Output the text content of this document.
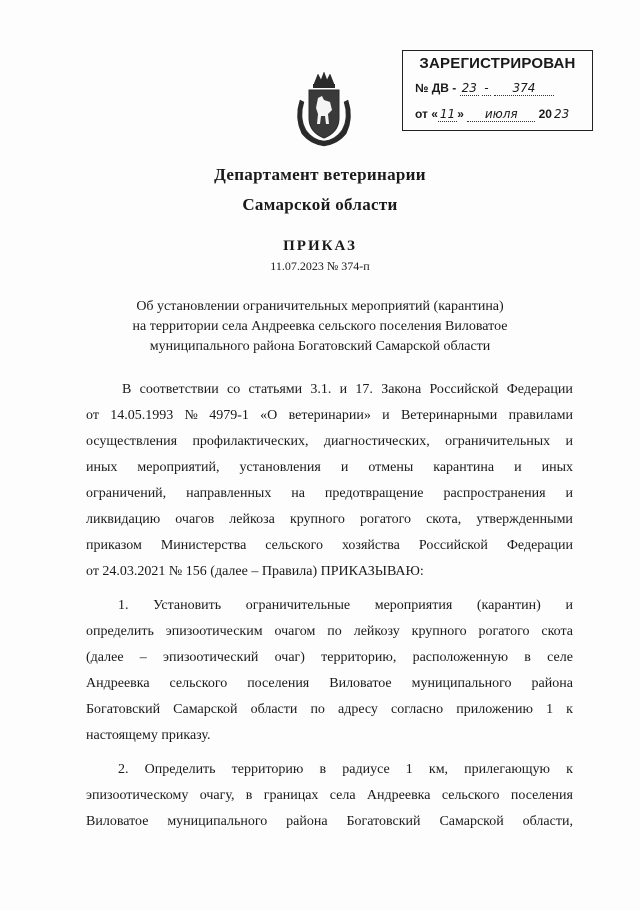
ЗАРЕГИСТРИРОВАН
№ ДВ - 23 - 374
от « 11 » июля 20 23
Департамент ветеринарии
Самарской области
ПРИКАЗ
11.07.2023 № 374-п
Об установлении ограничительных мероприятий (карантина)
на территории села Андреевка сельского поселения Виловатое
муниципального района Богатовский Самарской области
В соответствии со статьями 3.1. и 17. Закона Российской Федерации
от 14.05.1993 № 4979-1 «О ветеринарии» и Ветеринарными правилами
осуществления профилактических, диагностических, ограничительных и
иных мероприятий, установления и отмены карантина и иных
ограничений, направленных на предотвращение распространения и
ликвидацию очагов лейкоза крупного рогатого скота, утвержденными
приказом Министерства сельского хозяйства Российской Федерации
от 24.03.2021 № 156 (далее – Правила) ПРИКАЗЫВАЮ:
1. Установить ограничительные мероприятия (карантин) и
определить эпизоотическим очагом по лейкозу крупного рогатого скота
(далее – эпизоотический очаг) территорию, расположенную в селе
Андреевка сельского поселения Виловатое муниципального района
Богатовский Самарской области по адресу согласно приложению 1 к
настоящему приказу.
2. Определить территорию в радиусе 1 км, прилегающую к
эпизоотическому очагу, в границах села Андреевка сельского поселения
Виловатое муниципального района Богатовский Самарской области,
